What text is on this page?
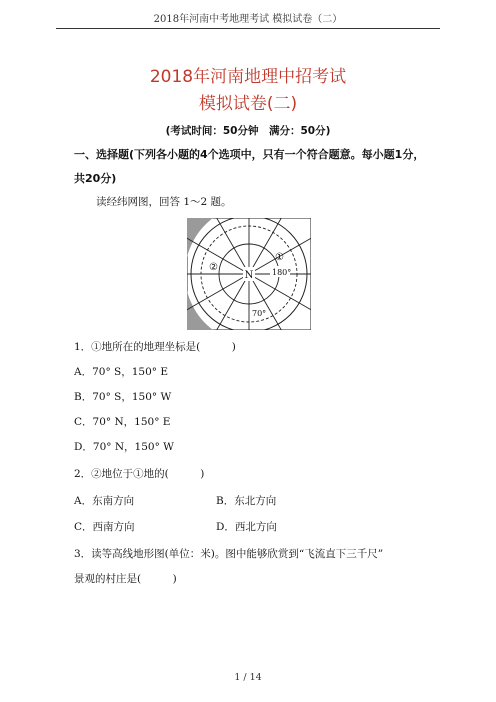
2018年河南中考地理考试 模拟试卷（二）
2018年河南地理中招考试
模拟试卷(二)
(考试时间：50分钟　满分：50分)
一、选择题(下列各小题的4个选项中，只有一个符合题意。每小题1分，共20分)
读经纬网图，回答 1～2 题。
N
①
②	180°
70°
1．①地所在的地理坐标是(　　　)
A．70° S，150° E
B．70° S，150° W
C．70° N，150° E
D．70° N，150° W
2．②地位于①地的(　　　)
A．东南方向	B．东北方向
C．西南方向	D．西北方向
3．读等高线地形图(单位：米)。图中能够欣赏到“飞流直下三千尺”
景观的村庄是(　　　)
1 / 14
